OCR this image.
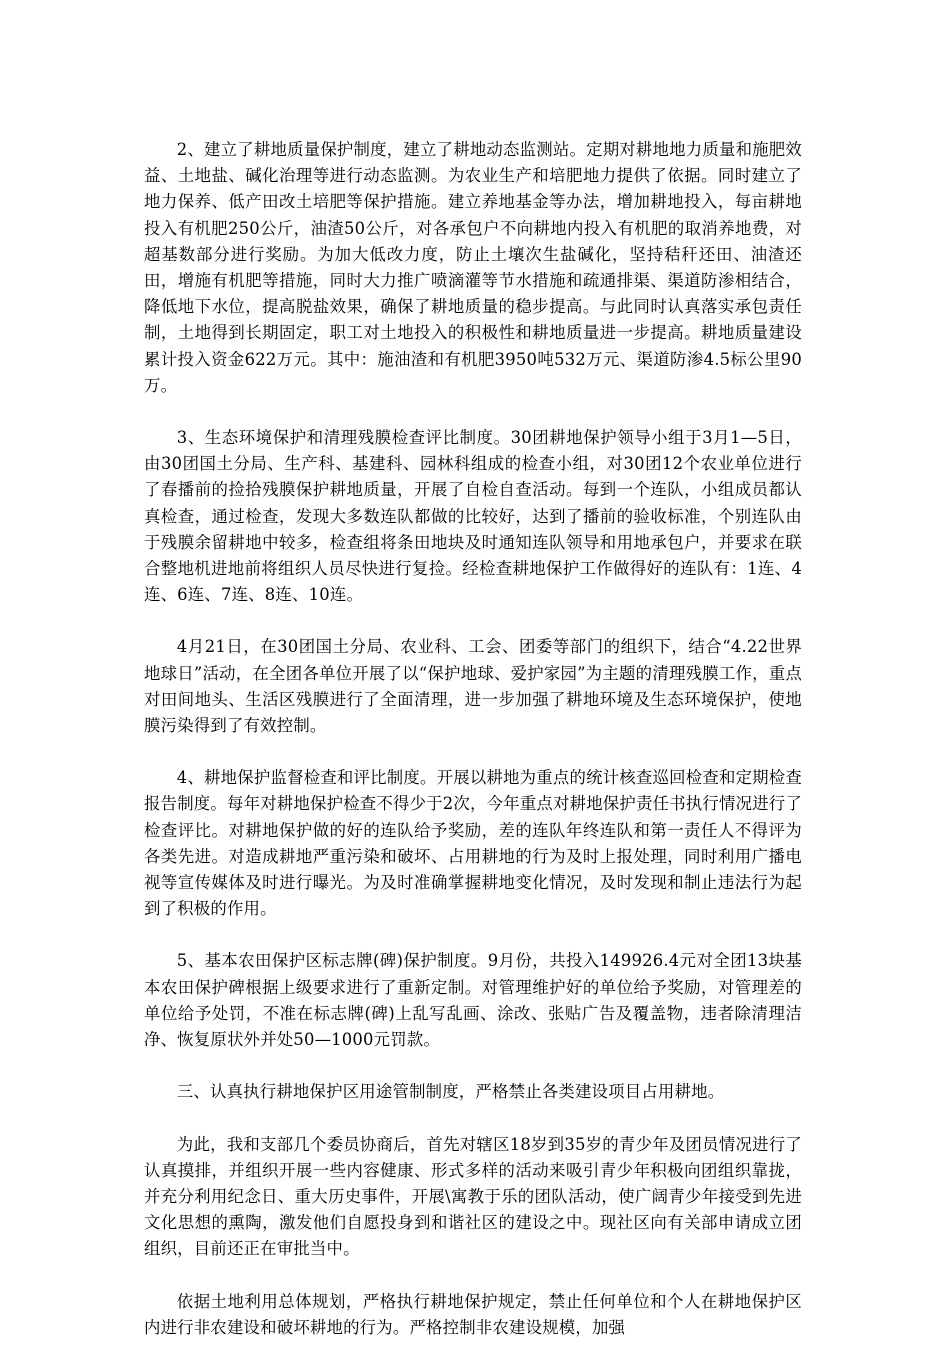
2、建立了耕地质量保护制度，建立了耕地动态监测站。定期对耕地地力质量和施肥效益、土地盐、碱化治理等进行动态监测。为农业生产和培肥地力提供了依据。同时建立了地力保养、低产田改土培肥等保护措施。建立养地基金等办法，增加耕地投入，每亩耕地投入有机肥250公斤，油渣50公斤，对各承包户不向耕地内投入有机肥的取消养地费，对超基数部分进行奖励。为加大低改力度，防止土壤次生盐碱化，坚持秸秆还田、油渣还田，增施有机肥等措施，同时大力推广喷滴灌等节水措施和疏通排渠、渠道防渗相结合，降低地下水位，提高脱盐效果，确保了耕地质量的稳步提高。与此同时认真落实承包责任制，土地得到长期固定，职工对土地投入的积极性和耕地质量进一步提高。耕地质量建设累计投入资金622万元。其中：施油渣和有机肥3950吨532万元、渠道防渗4.5标公里90万。

3、生态环境保护和清理残膜检查评比制度。30团耕地保护领导小组于3月1—5日，由30团国土分局、生产科、基建科、园林科组成的检查小组，对30团12个农业单位进行了春播前的捡拾残膜保护耕地质量，开展了自检自查活动。每到一个连队，小组成员都认真检查，通过检查，发现大多数连队都做的比较好，达到了播前的验收标准，个别连队由于残膜余留耕地中较多，检查组将条田地块及时通知连队领导和用地承包户，并要求在联合整地机进地前将组织人员尽快进行复捡。经检查耕地保护工作做得好的连队有：1连、4连、6连、7连、8连、10连。

4月21日，在30团国土分局、农业科、工会、团委等部门的组织下，结合“4.22世界地球日”活动，在全团各单位开展了以“保护地球、爱护家园”为主题的清理残膜工作，重点对田间地头、生活区残膜进行了全面清理，进一步加强了耕地环境及生态环境保护，使地膜污染得到了有效控制。

4、耕地保护监督检查和评比制度。开展以耕地为重点的统计核查巡回检查和定期检查报告制度。每年对耕地保护检查不得少于2次，今年重点对耕地保护责任书执行情况进行了检查评比。对耕地保护做的好的连队给予奖励，差的连队年终连队和第一责任人不得评为各类先进。对造成耕地严重污染和破坏、占用耕地的行为及时上报处理，同时利用广播电视等宣传媒体及时进行曝光。为及时准确掌握耕地变化情况，及时发现和制止违法行为起到了积极的作用。

5、基本农田保护区标志牌(碑)保护制度。9月份，共投入149926.4元对全团13块基本农田保护碑根据上级要求进行了重新定制。对管理维护好的单位给予奖励，对管理差的单位给予处罚，不准在标志牌(碑)上乱写乱画、涂改、张贴广告及覆盖物，违者除清理洁净、恢复原状外并处50—1000元罚款。

三、认真执行耕地保护区用途管制制度，严格禁止各类建设项目占用耕地。

为此，我和支部几个委员协商后，首先对辖区18岁到35岁的青少年及团员情况进行了认真摸排，并组织开展一些内容健康、形式多样的活动来吸引青少年积极向团组织靠拢，并充分利用纪念日、重大历史事件，开展\寓教于乐的团队活动，使广阔青少年接受到先进文化思想的熏陶，激发他们自愿投身到和谐社区的建设之中。现社区向有关部申请成立团组织，目前还正在审批当中。

依据土地利用总体规划，严格执行耕地保护规定，禁止任何单位和个人在耕地保护区内进行非农建设和破坏耕地的行为。严格控制非农建设规模，加强
